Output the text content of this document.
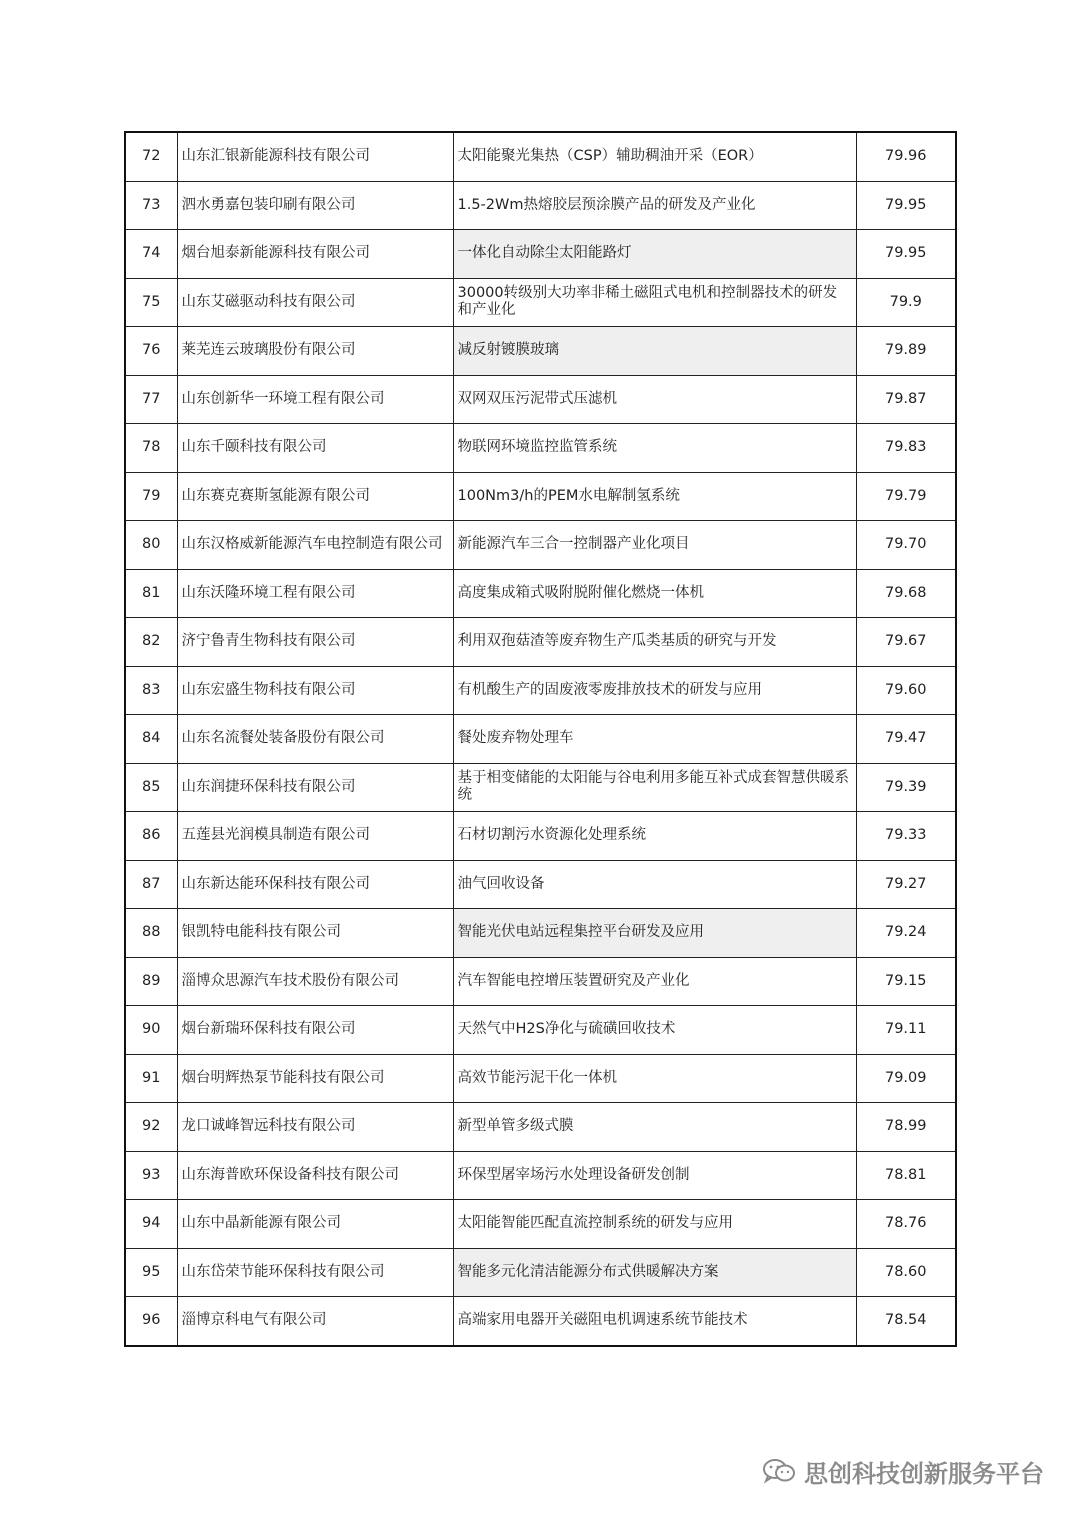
72	山东汇银新能源科技有限公司	太阳能聚光集热（CSP）辅助稠油开采（EOR）	79.96
73	泗水勇嘉包装印刷有限公司	1.5-2Wm热熔胶层预涂膜产品的研发及产业化	79.95
74	烟台旭泰新能源科技有限公司	一体化自动除尘太阳能路灯	79.95
75	山东艾磁驱动科技有限公司	30000转级别大功率非稀土磁阻式电机和控制器技术的研发和产业化	79.9
76	莱芜连云玻璃股份有限公司	减反射镀膜玻璃	79.89
77	山东创新华一环境工程有限公司	双网双压污泥带式压滤机	79.87
78	山东千颐科技有限公司	物联网环境监控监管系统	79.83
79	山东赛克赛斯氢能源有限公司	100Nm3/h的PEM水电解制氢系统	79.79
80	山东汉格威新能源汽车电控制造有限公司	新能源汽车三合一控制器产业化项目	79.70
81	山东沃隆环境工程有限公司	高度集成箱式吸附脱附催化燃烧一体机	79.68
82	济宁鲁青生物科技有限公司	利用双孢菇渣等废弃物生产瓜类基质的研究与开发	79.67
83	山东宏盛生物科技有限公司	有机酸生产的固废液零废排放技术的研发与应用	79.60
84	山东名流餐处装备股份有限公司	餐处废弃物处理车	79.47
85	山东润捷环保科技有限公司	基于相变储能的太阳能与谷电利用多能互补式成套智慧供暖系统	79.39
86	五莲县光润模具制造有限公司	石材切割污水资源化处理系统	79.33
87	山东新达能环保科技有限公司	油气回收设备	79.27
88	银凯特电能科技有限公司	智能光伏电站远程集控平台研发及应用	79.24
89	淄博众思源汽车技术股份有限公司	汽车智能电控增压装置研究及产业化	79.15
90	烟台新瑞环保科技有限公司	天然气中H2S净化与硫磺回收技术	79.11
91	烟台明辉热泵节能科技有限公司	高效节能污泥干化一体机	79.09
92	龙口诚峰智远科技有限公司	新型单管多级式膜	78.99
93	山东海普欧环保设备科技有限公司	环保型屠宰场污水处理设备研发创制	78.81
94	山东中晶新能源有限公司	太阳能智能匹配直流控制系统的研发与应用	78.76
95	山东岱荣节能环保科技有限公司	智能多元化清洁能源分布式供暖解决方案	78.60
96	淄博京科电气有限公司	高端家用电器开关磁阻电机调速系统节能技术	78.54
思创科技创新服务平台
